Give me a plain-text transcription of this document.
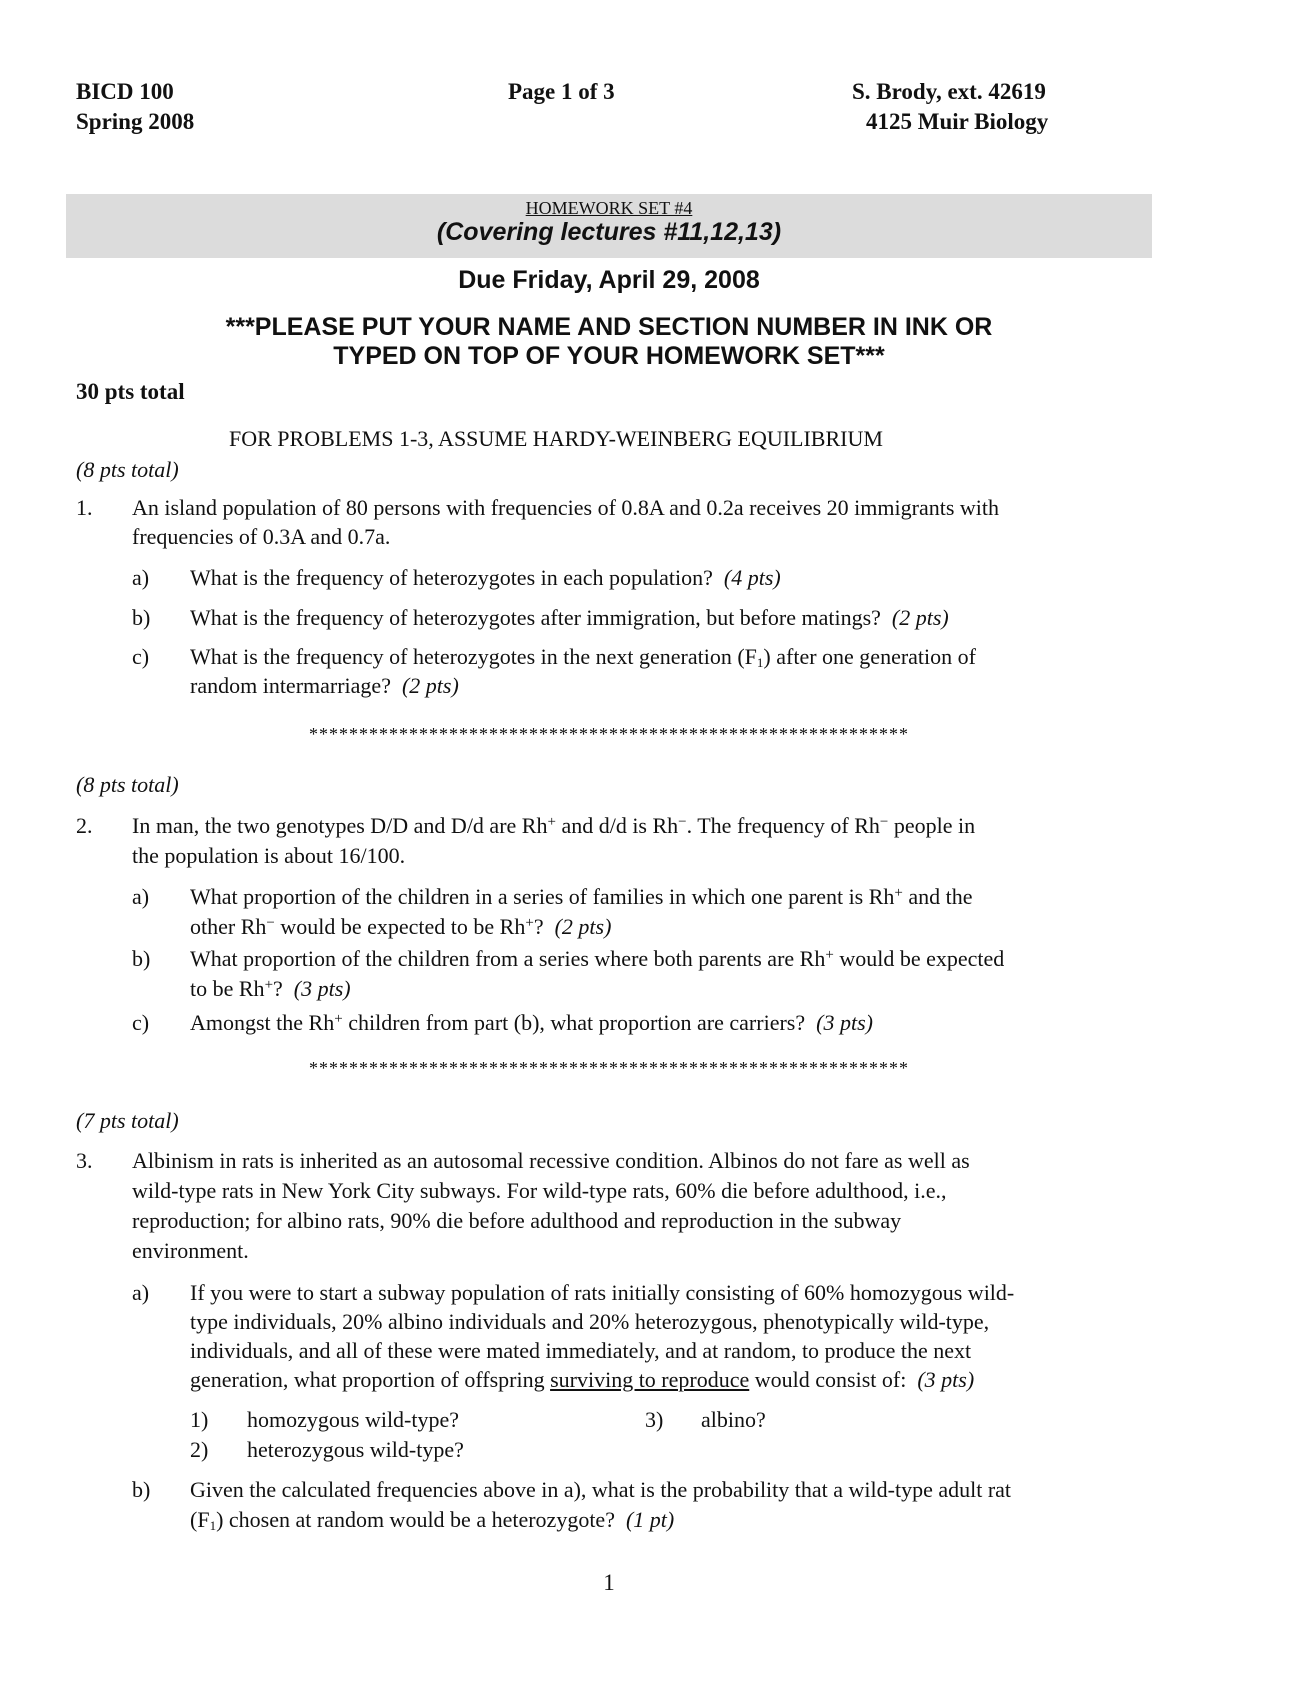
BICD 100
Spring 2008
Page 1 of 3	S. Brody, ext. 42619
4125 Muir Biology
HOMEWORK SET #4
(Covering lectures #11,12,13)
Due Friday, April 29, 2008
***PLEASE PUT YOUR NAME AND SECTION NUMBER IN INK OR
TYPED ON TOP OF YOUR HOMEWORK SET***
30 pts total
FOR PROBLEMS 1-3, ASSUME HARDY-WEINBERG EQUILIBRIUM
(8 pts total)
1. An island population of 80 persons with frequencies of 0.8A and 0.2a receives 20 immigrants with
frequencies of 0.3A and 0.7a.
a) What is the frequency of heterozygotes in each population? (4 pts)
b) What is the frequency of heterozygotes after immigration, but before matings? (2 pts)
c) What is the frequency of heterozygotes in the next generation $(F_1)$ after one generation of
random intermarriage? (2 pts)
************************************************************
(8 pts total)
2. In man, the two genotypes D/D and D/d are Rh+ and d/d is Rh−. The frequency of Rh− people in
the population is about 16/100.
a) What proportion of the children in a series of families in which one parent is Rh+ and the
other Rh− would be expected to be Rh+? (2 pts)
b) What proportion of the children from a series where both parents are Rh+ would be expected
to be Rh+? (3 pts)
c) Amongst the Rh+ children from part (b), what proportion are carriers? (3 pts)
************************************************************
(7 pts total)
3. Albinism in rats is inherited as an autosomal recessive condition. Albinos do not fare as well as
wild-type rats in New York City subways. For wild-type rats, 60% die before adulthood, i.e.,
reproduction; for albino rats, 90% die before adulthood and reproduction in the subway
environment.
a) If you were to start a subway population of rats initially consisting of 60% homozygous wild-
type individuals, 20% albino individuals and 20% heterozygous, phenotypically wild-type,
individuals, and all of these were mated immediately, and at random, to produce the next
generation, what proportion of offspring surviving to reproduce would consist of: (3 pts)
1) homozygous wild-type?	3) albino?
2) heterozygous wild-type?
b) Given the calculated frequencies above in a), what is the probability that a wild-type adult rat
$(F_1)$ chosen at random would be a heterozygote? (1 pt)
1
